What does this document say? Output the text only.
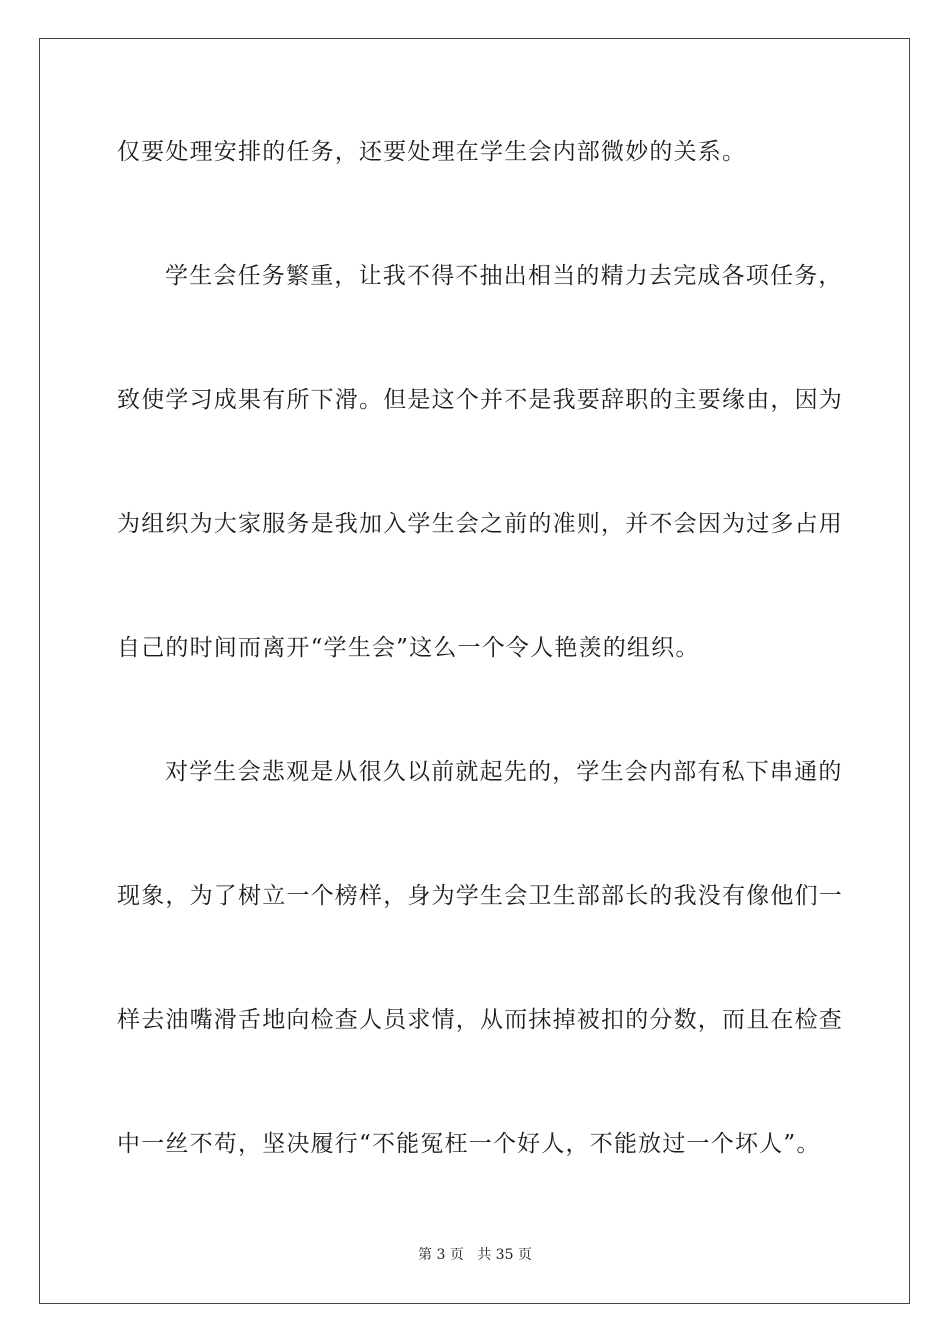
仅要处理安排的任务，还要处理在学生会内部微妙的关系。
学生会任务繁重，让我不得不抽出相当的精力去完成各项任务，
致使学习成果有所下滑。但是这个并不是我要辞职的主要缘由，因为
为组织为大家服务是我加入学生会之前的准则，并不会因为过多占用
自己的时间而离开“学生会”这么一个令人艳羡的组织。
对学生会悲观是从很久以前就起先的，学生会内部有私下串通的
现象，为了树立一个榜样，身为学生会卫生部部长的我没有像他们一
样去油嘴滑舌地向检查人员求情，从而抹掉被扣的分数，而且在检查
中一丝不苟，坚决履行“不能冤枉一个好人，不能放过一个坏人”。
第 3 页 共 35 页
